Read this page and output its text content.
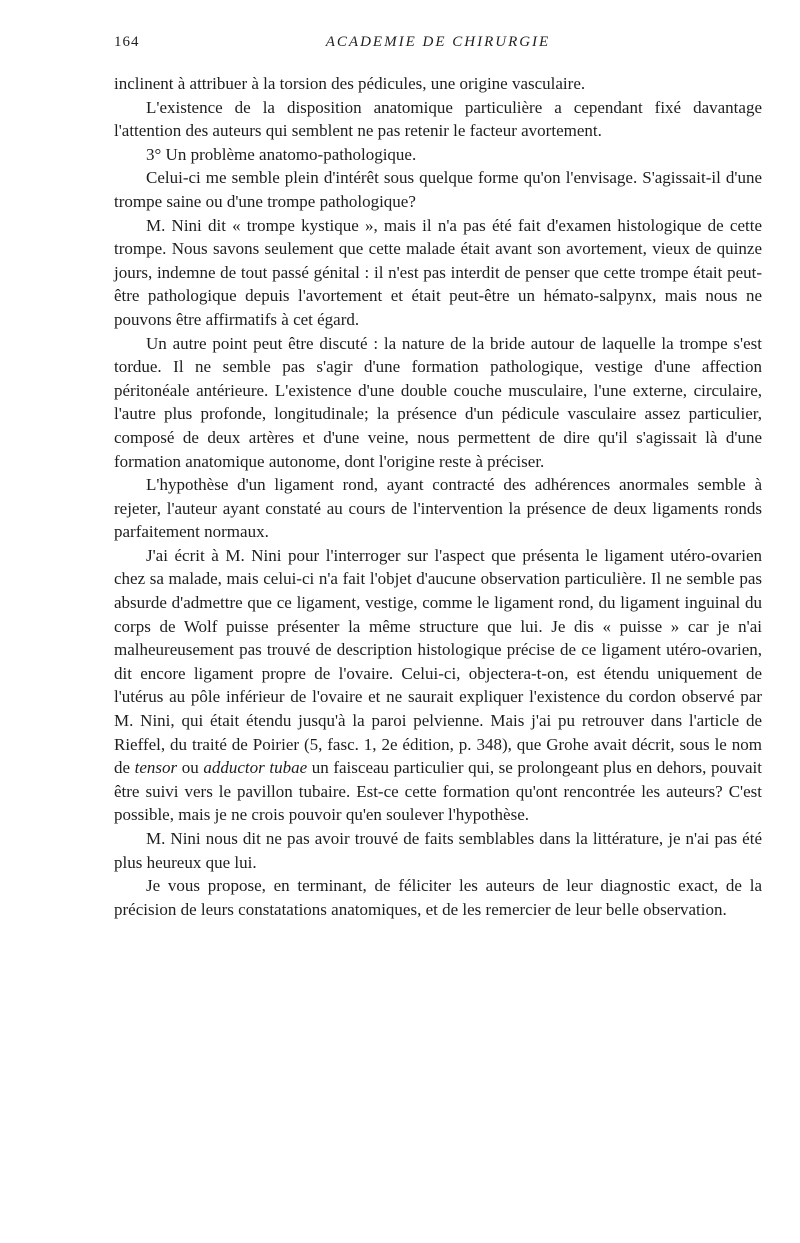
164	ACADEMIE DE CHIRURGIE

inclinent à attribuer à la torsion des pédicules, une origine vasculaire.

L'existence de la disposition anatomique particulière a cependant fixé davantage l'attention des auteurs qui semblent ne pas retenir le facteur avortement.

3° Un problème anatomo-pathologique.

Celui-ci me semble plein d'intérêt sous quelque forme qu'on l'envisage. S'agissait-il d'une trompe saine ou d'une trompe pathologique?

M. Nini dit « trompe kystique », mais il n'a pas été fait d'examen histologique de cette trompe. Nous savons seulement que cette malade était avant son avortement, vieux de quinze jours, indemne de tout passé génital : il n'est pas interdit de penser que cette trompe était peut-être pathologique depuis l'avortement et était peut-être un hémato-salpynx, mais nous ne pouvons être affirmatifs à cet égard.

Un autre point peut être discuté : la nature de la bride autour de laquelle la trompe s'est tordue. Il ne semble pas s'agir d'une formation pathologique, vestige d'une affection péritonéale antérieure. L'existence d'une double couche musculaire, l'une externe, circulaire, l'autre plus profonde, longitudinale; la présence d'un pédicule vasculaire assez particulier, composé de deux artères et d'une veine, nous permettent de dire qu'il s'agissait là d'une formation anatomique autonome, dont l'origine reste à préciser.

L'hypothèse d'un ligament rond, ayant contracté des adhérences anormales semble à rejeter, l'auteur ayant constaté au cours de l'intervention la présence de deux ligaments ronds parfaitement normaux.

J'ai écrit à M. Nini pour l'interroger sur l'aspect que présenta le ligament utéro-ovarien chez sa malade, mais celui-ci n'a fait l'objet d'aucune observation particulière. Il ne semble pas absurde d'admettre que ce ligament, vestige, comme le ligament rond, du ligament inguinal du corps de Wolf puisse présenter la même structure que lui. Je dis « puisse » car je n'ai malheureusement pas trouvé de description histologique précise de ce ligament utéro-ovarien, dit encore ligament propre de l'ovaire. Celui-ci, objectera-t-on, est étendu uniquement de l'utérus au pôle inférieur de l'ovaire et ne saurait expliquer l'existence du cordon observé par M. Nini, qui était étendu jusqu'à la paroi pelvienne. Mais j'ai pu retrouver dans l'article de Rieffel, du traité de Poirier (5, fasc. 1, 2e édition, p. 348), que Grohe avait décrit, sous le nom de tensor ou adductor tubae un faisceau particulier qui, se prolongeant plus en dehors, pouvait être suivi vers le pavillon tubaire. Est-ce cette formation qu'ont rencontrée les auteurs? C'est possible, mais je ne crois pouvoir qu'en soulever l'hypothèse.

M. Nini nous dit ne pas avoir trouvé de faits semblables dans la littérature, je n'ai pas été plus heureux que lui.

Je vous propose, en terminant, de féliciter les auteurs de leur diagnostic exact, de la précision de leurs constatations anatomiques, et de les remercier de leur belle observation.
